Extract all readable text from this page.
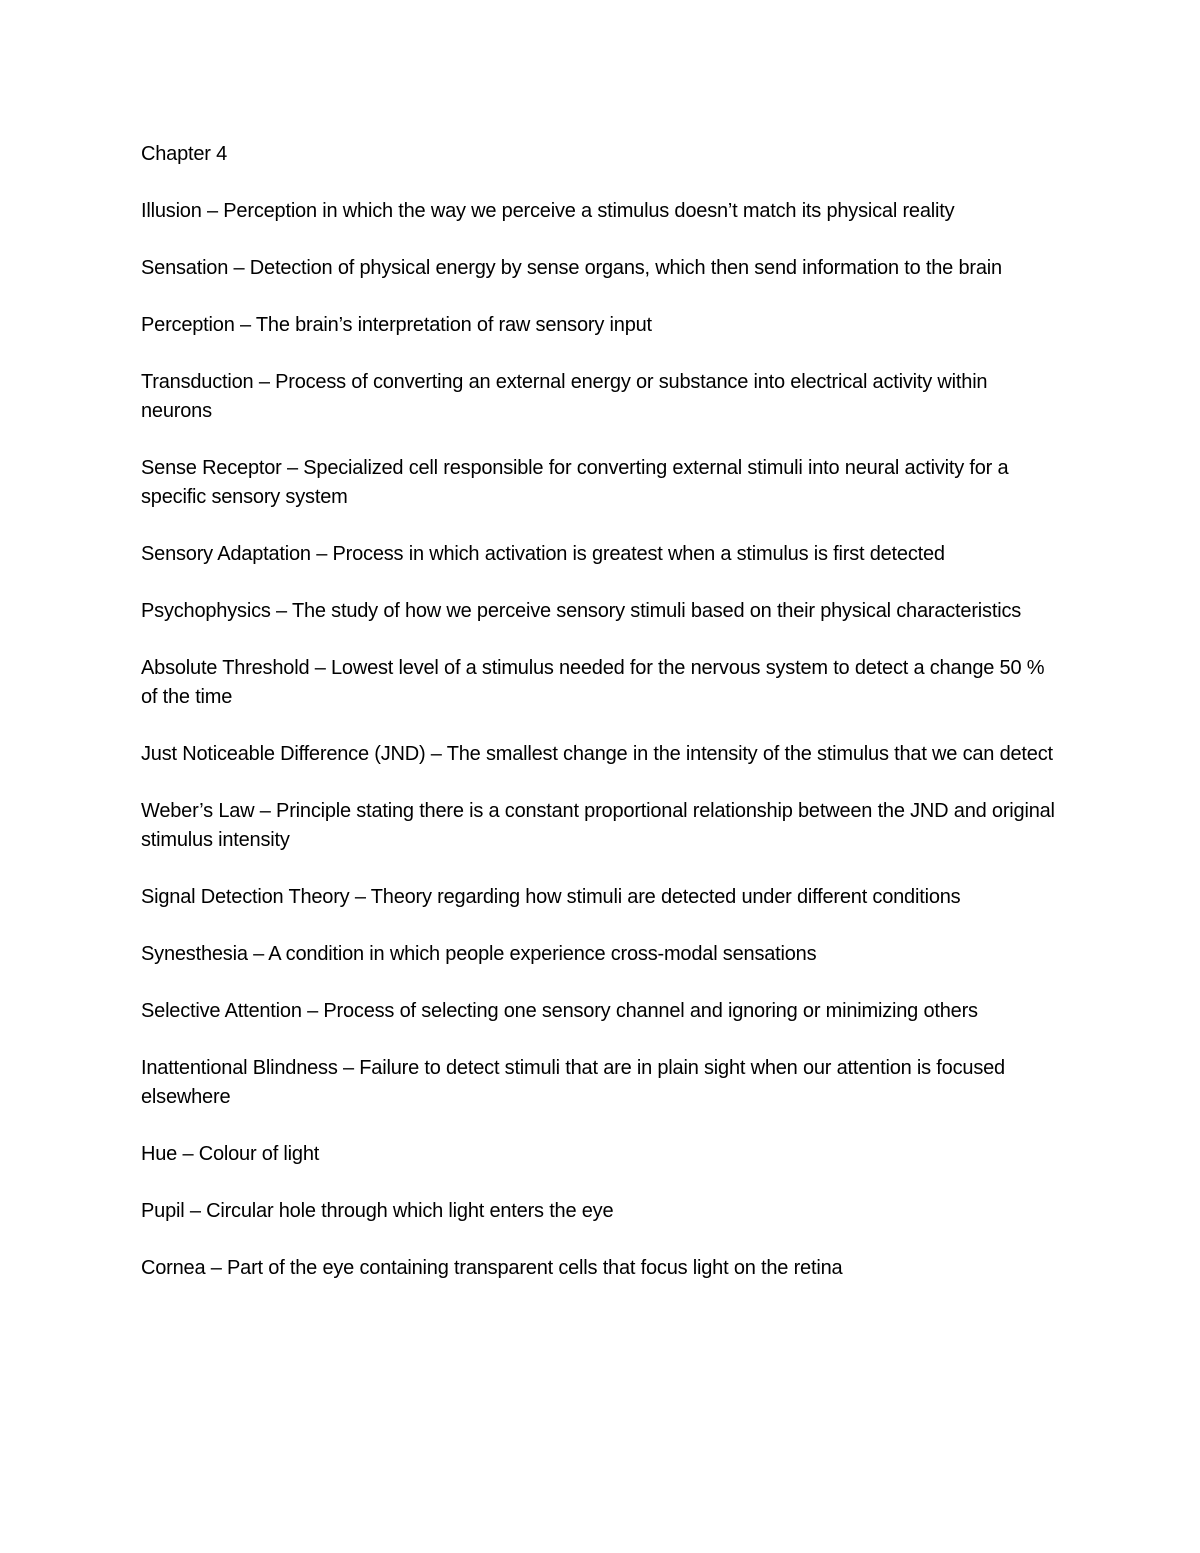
Chapter 4
Illusion – Perception in which the way we perceive a stimulus doesn’t match its physical reality
Sensation – Detection of physical energy by sense organs, which then send information to the brain
Perception – The brain’s interpretation of raw sensory input
Transduction – Process of converting an external energy or substance into electrical activity within neurons
Sense Receptor – Specialized cell responsible for converting external stimuli into neural activity for a specific sensory system
Sensory Adaptation – Process in which activation is greatest when a stimulus is first detected
Psychophysics – The study of how we perceive sensory stimuli based on their physical characteristics
Absolute Threshold – Lowest level of a stimulus needed for the nervous system to detect a change 50 % of the time
Just Noticeable Difference (JND) – The smallest change in the intensity of the stimulus that we can detect
Weber’s Law – Principle stating there is a constant proportional relationship between the JND and original stimulus intensity
Signal Detection Theory – Theory regarding how stimuli are detected under different conditions
Synesthesia – A condition in which people experience cross-modal sensations
Selective Attention – Process of selecting one sensory channel and ignoring or minimizing others
Inattentional Blindness – Failure to detect stimuli that are in plain sight when our attention is focused elsewhere
Hue – Colour of light
Pupil – Circular hole through which light enters the eye
Cornea – Part of the eye containing transparent cells that focus light on the retina
